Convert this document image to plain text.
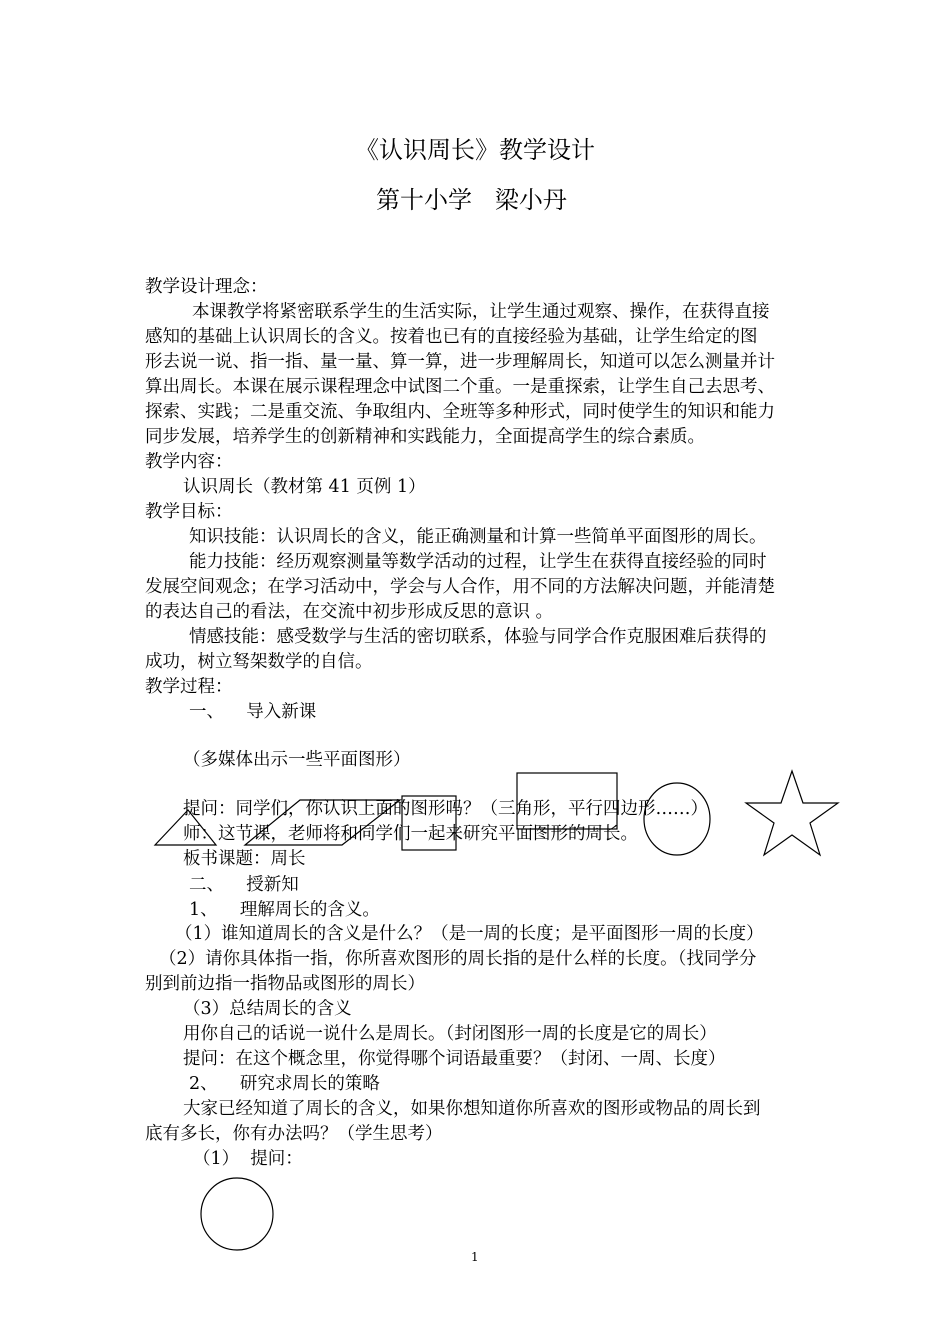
《认识周长》教学设计
第十小学   梁小丹
教学设计理念：
本课教学将紧密联系学生的生活实际，让学生通过观察、操作，在获得直接
感知的基础上认识周长的含义。按着也已有的直接经验为基础，让学生给定的图
形去说一说、指一指、量一量、算一算，进一步理解周长，知道可以怎么测量并计
算出周长。本课在展示课程理念中试图二个重。一是重探索，让学生自己去思考、
探索、实践；二是重交流、争取组内、全班等多种形式，同时使学生的知识和能力
同步发展，培养学生的创新精神和实践能力，全面提高学生的综合素质。
教学内容：
认识周长（教材第 41 页例 1）
教学目标：
知识技能：认识周长的含义，能正确测量和计算一些简单平面图形的周长。
能力技能：经历观察测量等数学活动的过程，让学生在获得直接经验的同时
发展空间观念；在学习活动中，学会与人合作，用不同的方法解决问题，并能清楚
的表达自己的看法，在交流中初步形成反思的意识 。
情感技能：感受数学与生活的密切联系，体验与同学合作克服困难后获得的
成功，树立驽架数学的自信。
教学过程：
一、    导入新课
（多媒体出示一些平面图形）
提问：同学们，你认识上面的图形吗？（三角形，平行四边形……）
师：这节课，老师将和同学们一起来研究平面图形的周长。
板书课题：周长
二、    授新知
1、    理解周长的含义。
（1）谁知道周长的含义是什么？（是一周的长度；是平面图形一周的长度）
（2）请你具体指一指，你所喜欢图形的周长指的是什么样的长度。（找同学分
别到前边指一指物品或图形的周长）
（3）总结周长的含义
用你自己的话说一说什么是周长。（封闭图形一周的长度是它的周长）
提问：在这个概念里，你觉得哪个词语最重要？（封闭、一周、长度）
2、    研究求周长的策略
大家已经知道了周长的含义，如果你想知道你所喜欢的图形或物品的周长到
底有多长，你有办法吗？（学生思考）
（1）  提问：
1
